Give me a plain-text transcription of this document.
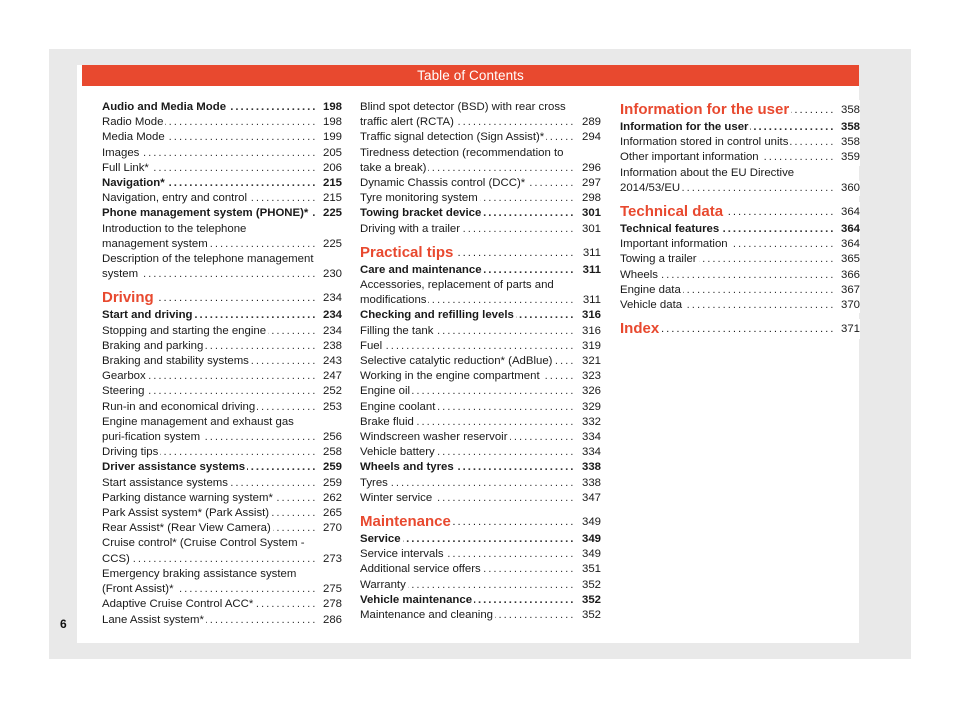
Table of Contents
Audio and Media Mode . . .	198
Radio Mode . . .	198
Media Mode . . .	199
Images . . .	205
Full Link* . . .	206
Navigation* . . .	215
Navigation, entry and control . . .	215
Phone management system (PHONE)* . . .	225
Introduction to the telephone management system . . .	225
Description of the telephone management system . . .	230
Driving . . .	234
Start and driving . . .	234
Stopping and starting the engine . . .	234
Braking and parking . . .	238
Braking and stability systems . . .	243
Gearbox . . .	247
Steering . . .	252
Run-in and economical driving . . .	253
Engine management and exhaust gas puri-fication system . . .	256
Driving tips . . .	258
Driver assistance systems . . .	259
Start assistance systems . . .	259
Parking distance warning system* . . .	262
Park Assist system* (Park Assist) . . .	265
Rear Assist* (Rear View Camera) . . .	270
Cruise control* (Cruise Control System - CCS) . . .	273
Emergency braking assistance system (Front Assist)* . . .	275
Adaptive Cruise Control ACC* . . .	278
Lane Assist system* . . .	286
Blind spot detector (BSD) with rear cross traffic alert (RCTA) . . .	289
Traffic signal detection (Sign Assist)* . . .	294
Tiredness detection (recommendation to take a break) . . .	296
Dynamic Chassis control (DCC)* . . .	297
Tyre monitoring system . . .	298
Towing bracket device . . .	301
Driving with a trailer . . .	301
Practical tips . . .	311
Care and maintenance . . .	311
Accessories, replacement of parts and modifications . . .	311
Checking and refilling levels . . .	316
Filling the tank . . .	316
Fuel . . .	319
Selective catalytic reduction* (AdBlue) . . .	321
Working in the engine compartment . . .	323
Engine oil . . .	326
Engine coolant . . .	329
Brake fluid . . .	332
Windscreen washer reservoir . . .	334
Vehicle battery . . .	334
Wheels and tyres . . .	338
Tyres . . .	338
Winter service . . .	347
Maintenance . . .	349
Service . . .	349
Service intervals . . .	349
Additional service offers . . .	351
Warranty . . .	352
Vehicle maintenance . . .	352
Maintenance and cleaning . . .	352
Information for the user . . .	358
Information for the user . . .	358
Information stored in control units . . .	358
Other important information . . .	359
Information about the EU Directive 2014/53/EU . . .	360
Technical data . . .	364
Technical features . . .	364
Important information . . .	364
Towing a trailer . . .	365
Wheels . . .	366
Engine data . . .	367
Vehicle data . . .	370
Index . . .	371
6
